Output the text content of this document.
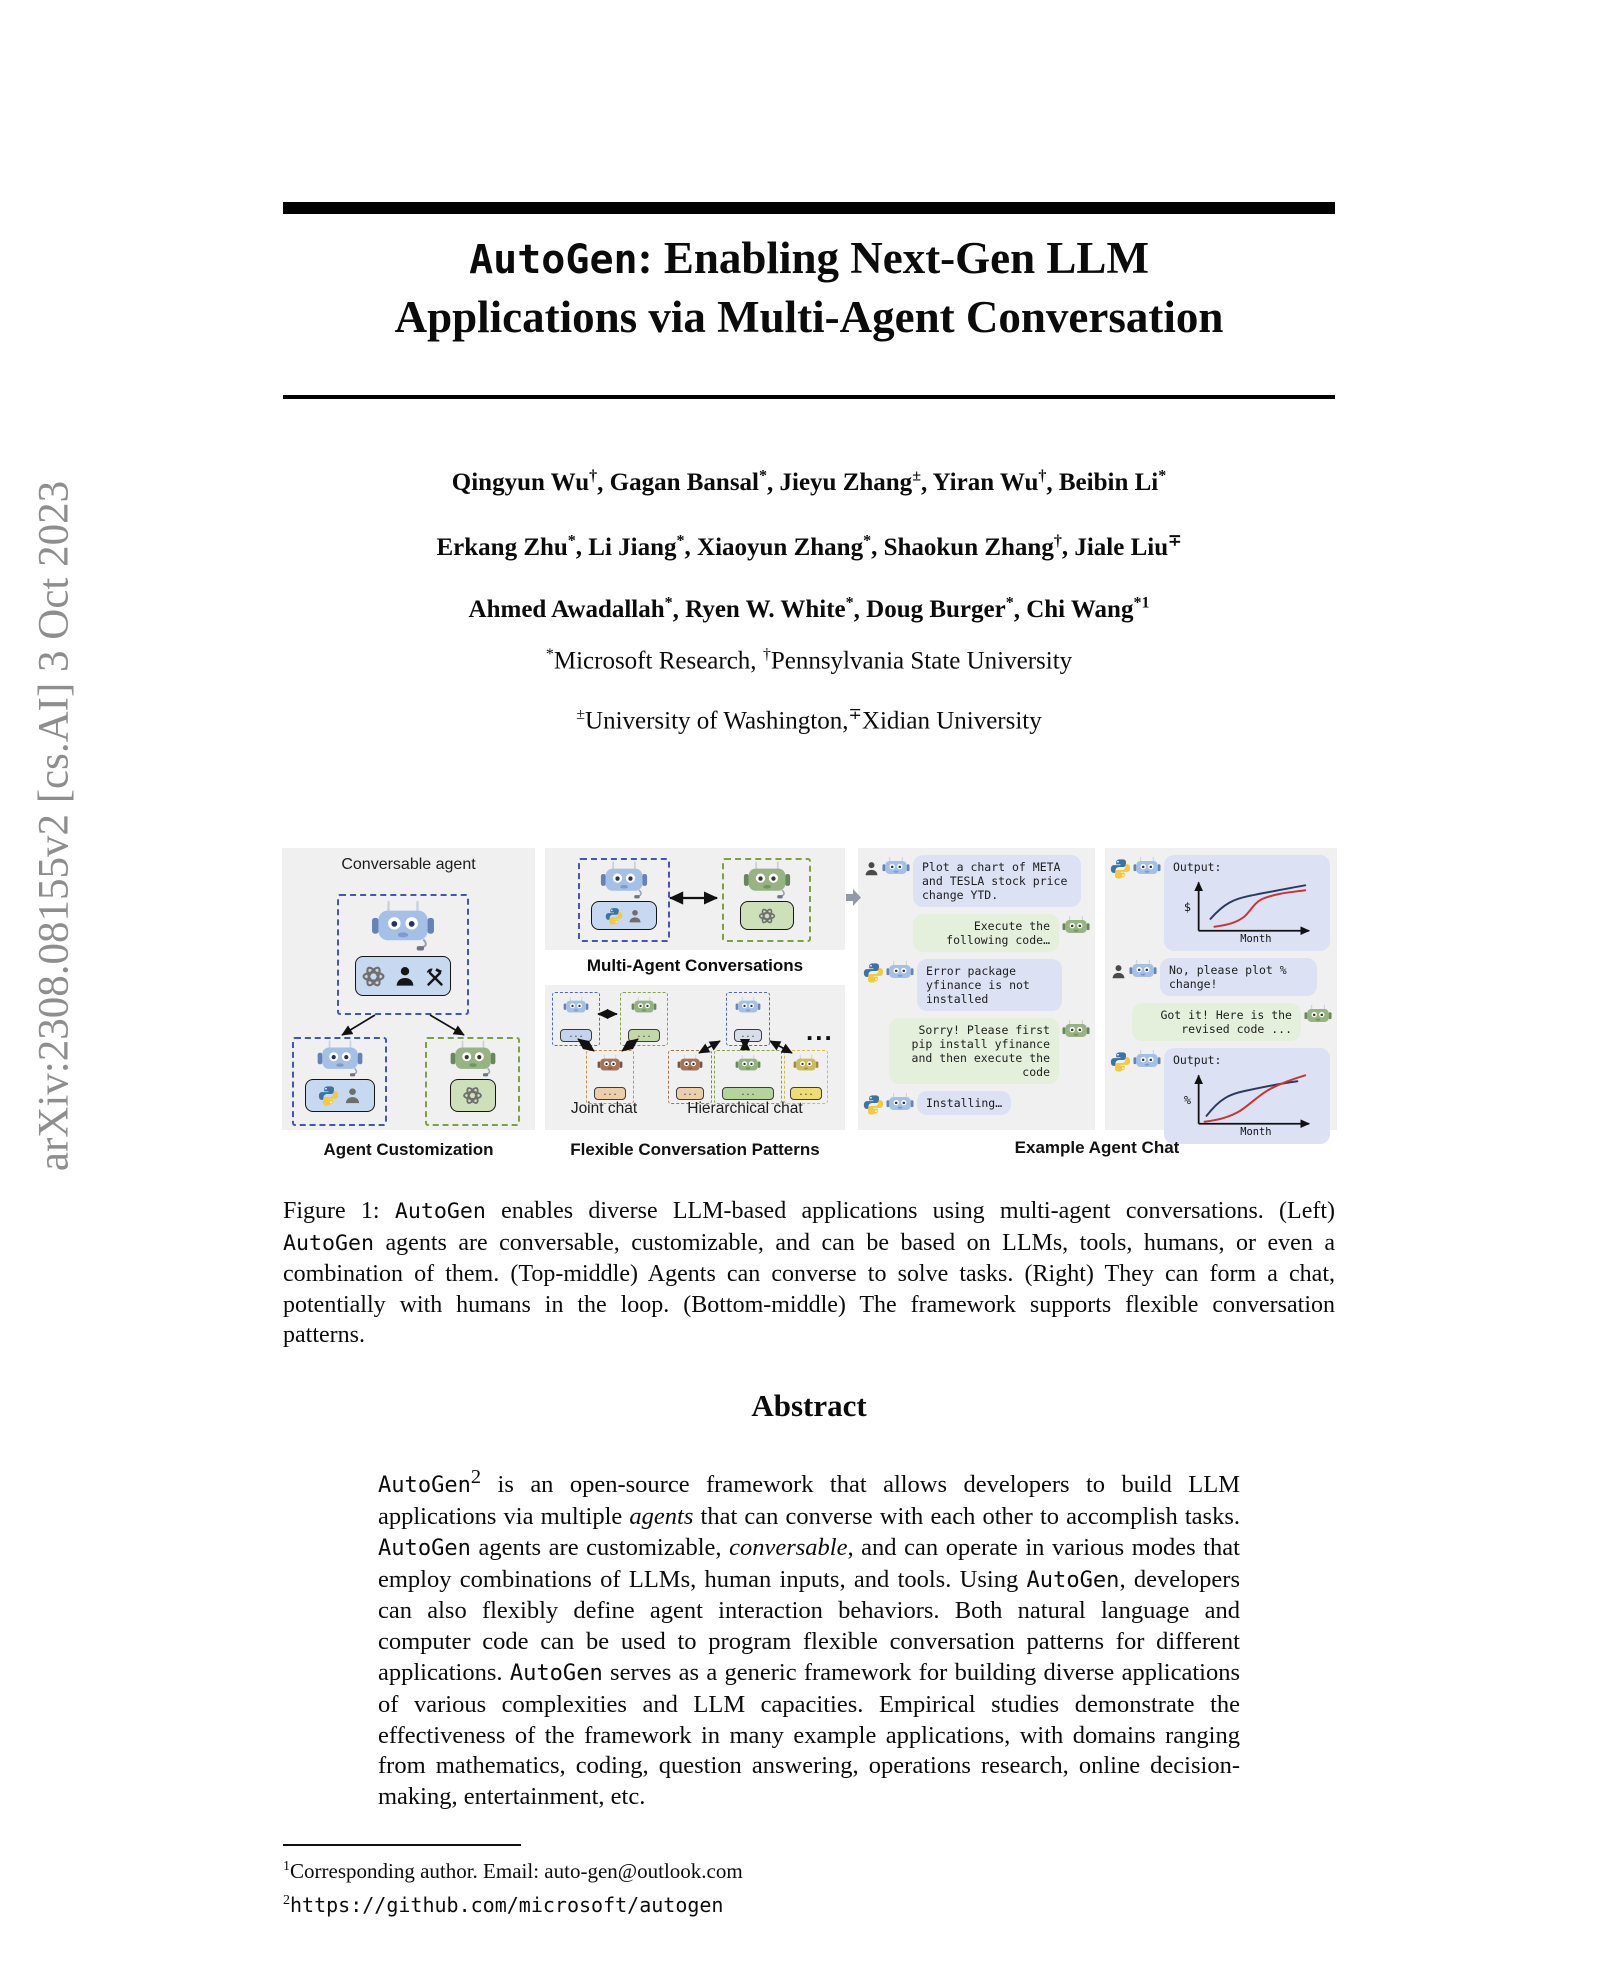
arXiv:2308.08155v2 [cs.AI] 3 Oct 2023
AutoGen: Enabling Next-Gen LLM
Applications via Multi-Agent Conversation
Qingyun Wu†, Gagan Bansal*, Jieyu Zhang±, Yiran Wu†, Beibin Li*
Erkang Zhu*, Li Jiang*, Xiaoyun Zhang*, Shaokun Zhang†, Jiale Liu∓
Ahmed Awadallah*, Ryen W. White*, Doug Burger*, Chi Wang$^{*1}$
*Microsoft Research, †Pennsylvania State University
±University of Washington,∓Xidian University
Conversable agent
Multi-Agent Conversations
...	...
...
...
...	...	...
...
Joint chat	Hierarchical chat
Plot a chart of META and TESLA stock price change YTD.
Execute the following code…
Error package yfinance is not installed
Sorry! Please first pip install yfinance and then execute the code
Installing…
Output:
$
Month
No, please plot % change!
Got it! Here is the revised code ...
Output:
%
Month
Agent Customization	Flexible Conversation Patterns	Example Agent Chat
Figure 1: AutoGen enables diverse LLM-based applications using multi-agent conversations. (Left) AutoGen agents are conversable, customizable, and can be based on LLMs, tools, humans, or even a combination of them. (Top-middle) Agents can converse to solve tasks. (Right) They can form a chat, potentially with humans in the loop. (Bottom-middle) The framework supports flexible conversation patterns.
Abstract
AutoGen$^2$ is an open-source framework that allows developers to build LLM applications via multiple agents that can converse with each other to accomplish tasks. AutoGen agents are customizable, conversable, and can operate in various modes that employ combinations of LLMs, human inputs, and tools. Using AutoGen, developers can also flexibly define agent interaction behaviors. Both natural language and computer code can be used to program flexible conversation patterns for different applications. AutoGen serves as a generic framework for building diverse applications of various complexities and LLM capacities. Empirical studies demonstrate the effectiveness of the framework in many example applications, with domains ranging from mathematics, coding, question answering, operations research, online decision-making, entertainment, etc.
$^1$Corresponding author. Email: auto-gen@outlook.com
$^2$https://github.com/microsoft/autogen
